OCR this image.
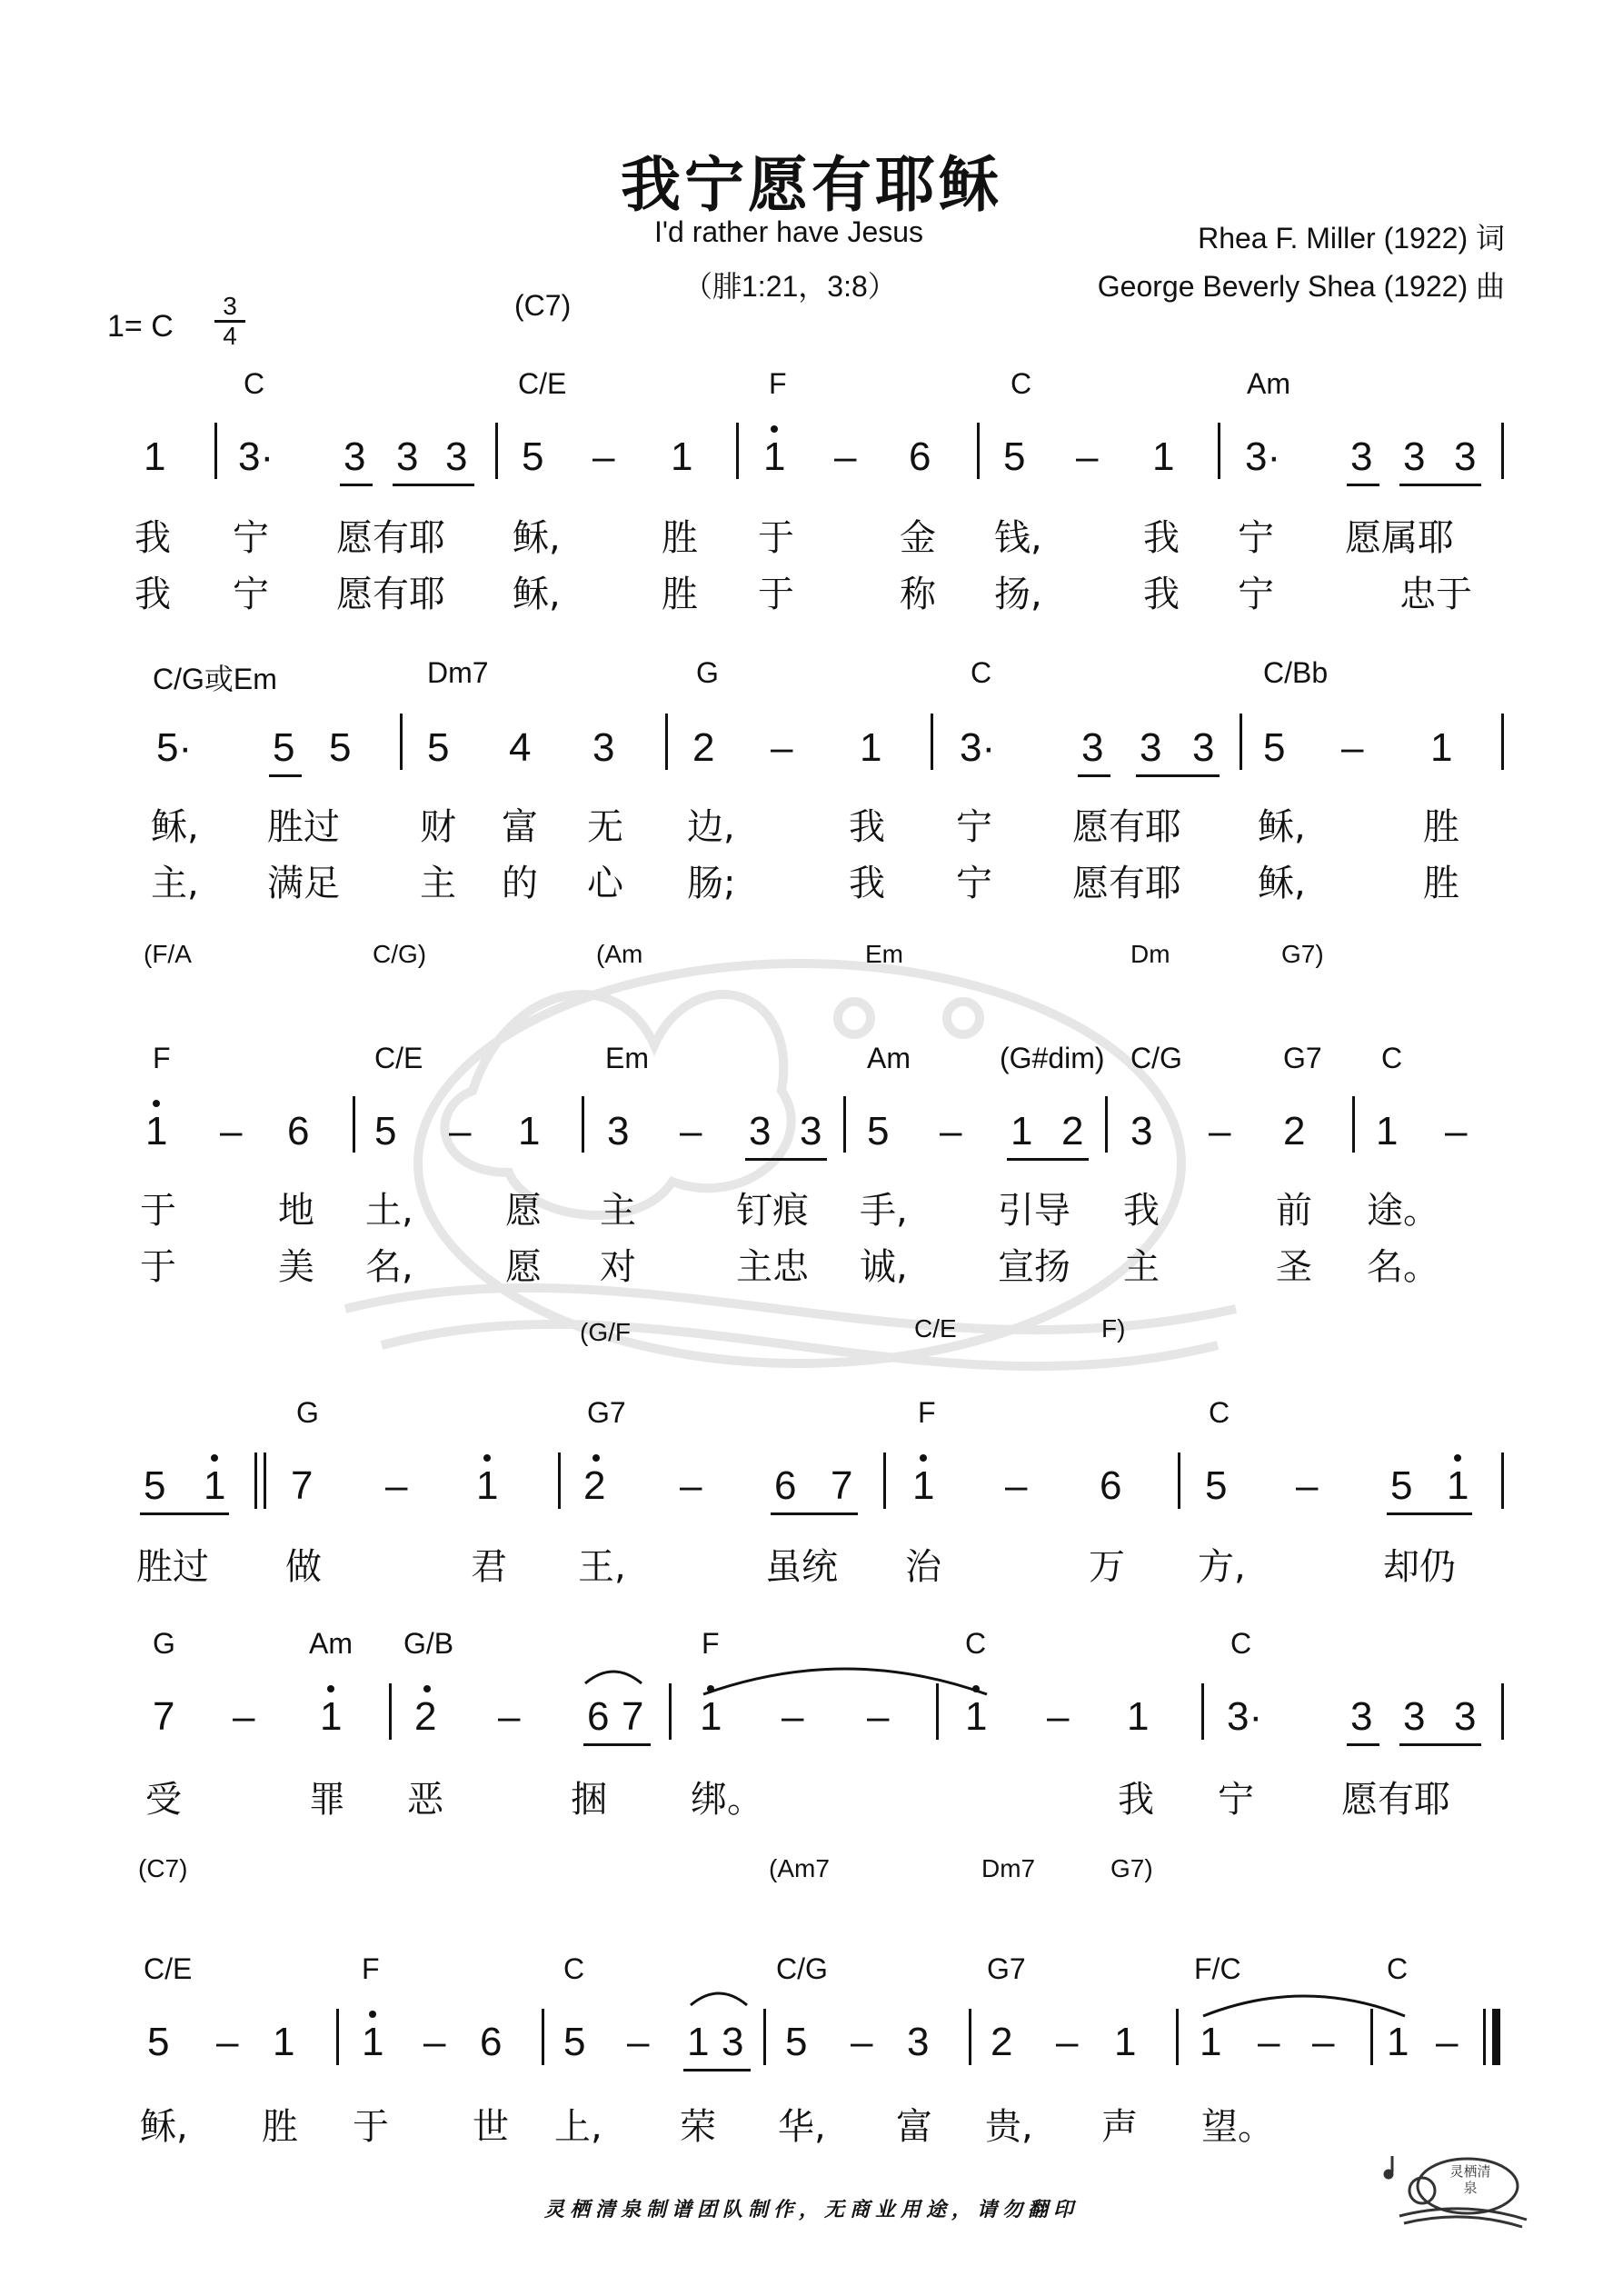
我宁愿有耶稣
I'd rather have Jesus
（腓1:21，3:8）
Rhea F. Miller (1922) 词
George Beverly Shea (1922) 曲
1= C
3
4
(C7)
C	C/E	F	C	Am
1 3· 3 3 3 5 – 1 1 – 6 5 – 1 3· 3 3 3
我 宁 愿有耶 稣,	胜 于	金 钱,	我 宁 愿属耶
我 宁 愿有耶 稣,	胜 于	称 扬,	我 宁	忠于
C/G或Em	Dm7	G	C	C/Bb
5· 5 5 5 4 3 2 – 1 3· 3 3 3 5 – 1
稣, 胜过 财 富 无 边,	我 宁 愿有耶 稣,	胜
主, 满足 主 的 心 肠;	我 宁 愿有耶 稣,	胜
(F/A	C/G)	(Am	Em	Dm	G7)
F	C/E	Em	Am	(G#dim) C/G	G7 C
1 – 6 5 – 1 3 – 3 3 5 – 1 2 3 – 2 1 –
于	地 土,	愿 主	钉痕 手, 引导 我	前 途。
于	美 名,	愿 对	主忠 诚, 宣扬 主	圣 名。
(G/F	C/E	F)
G	G7	F	C
5 1 7 – 1 2 – 6 7 1 – 6 5 – 5 1
胜过 做	君 王,	虽统 治	万 方,	却仍
G	Am G/B	F	C	C
7 – 1 2 – 6 7 1 – – 1 – 1 3· 3 3 3
受	罪 恶	捆 绑。	我 宁 愿有耶
(C7)	(Am7	Dm7	G7)
C/E	F	C	C/G	G7	F/C	C
5 – 1 1 – 6 5 – 1 3 5 – 3 2 – 1 1 – – 1 –
稣, 胜 于 世 上, 荣 华, 富 贵, 声 望。
灵栖清泉制谱团队制作，无商业用途，请勿翻印
灵栖清泉
